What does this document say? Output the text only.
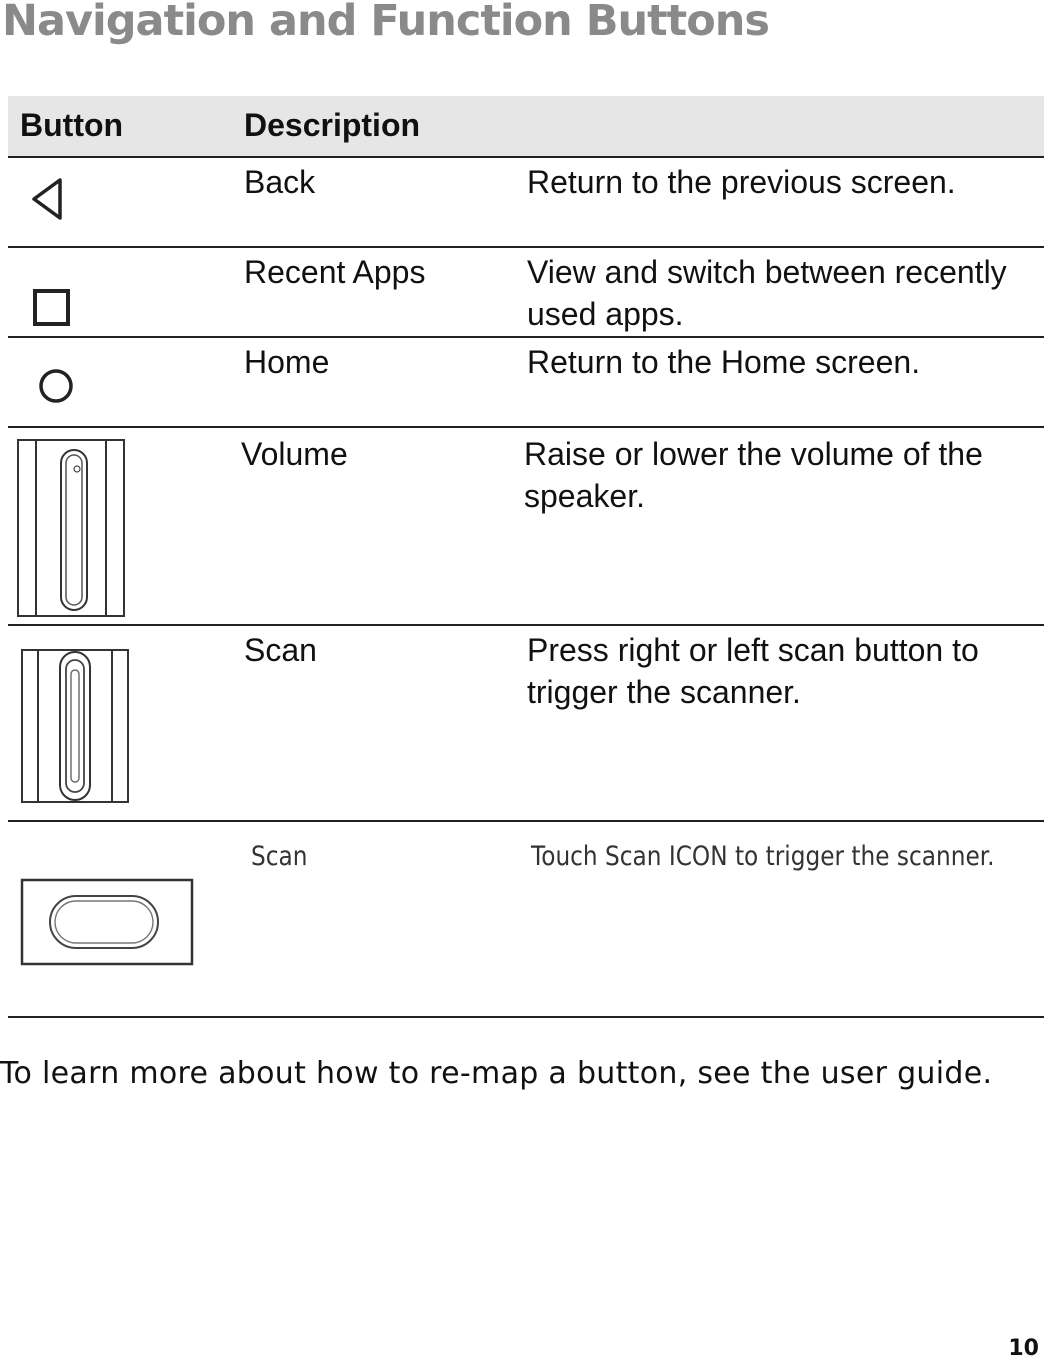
Navigation and Function Buttons
Button	Description
Back	Return to the previous screen.
Recent Apps	View and switch between recently used apps.
Home	Return to the Home screen.
Volume	Raise or lower the volume of the speaker.
Scan	Press right or left scan button to trigger the scanner.
Scan	Touch Scan ICON to trigger the scanner.
To learn more about how to re-map a button, see the user guide.
10
